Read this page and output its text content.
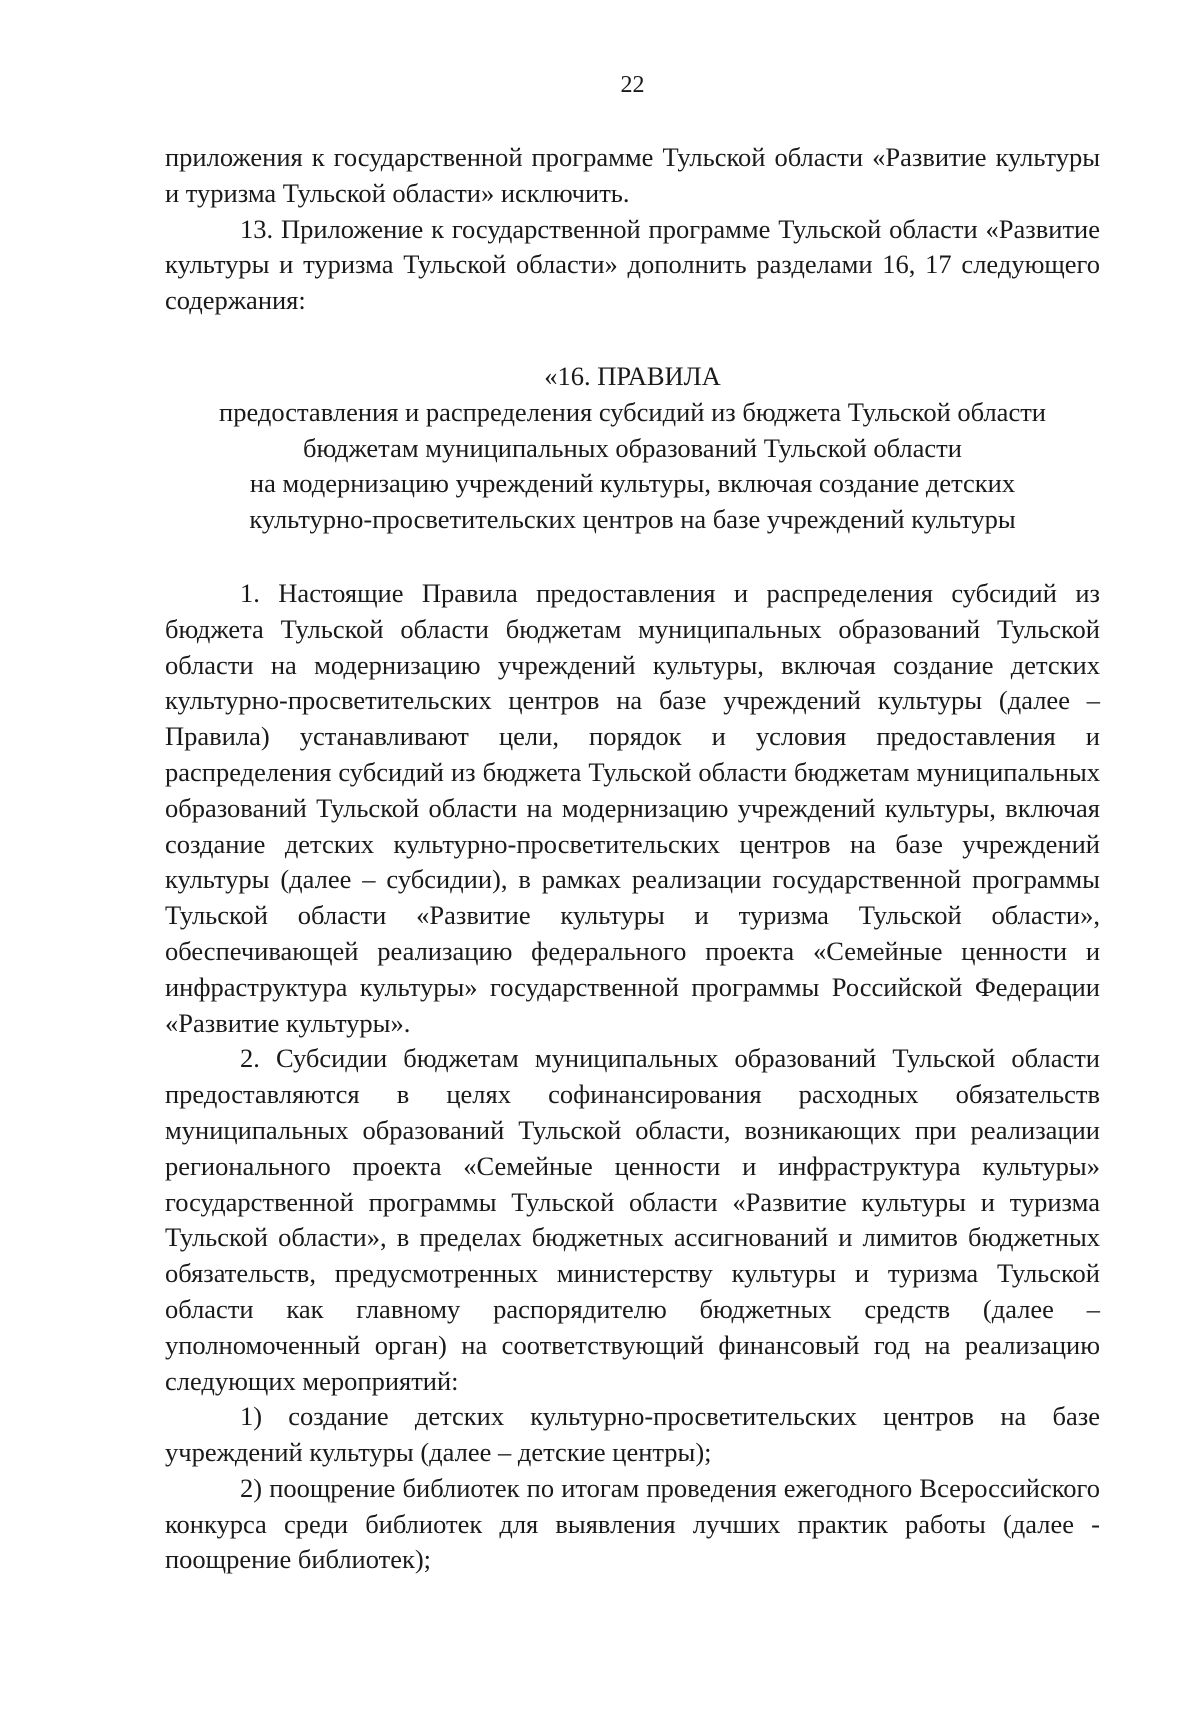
22

приложения к государственной программе Тульской области «Развитие культуры и туризма Тульской области» исключить.

13. Приложение к государственной программе Тульской области «Развитие культуры и туризма Тульской области» дополнить разделами 16, 17 следующего содержания:

«16. ПРАВИЛА
предоставления и распределения субсидий из бюджета Тульской области
бюджетам муниципальных образований Тульской области
на модернизацию учреждений культуры, включая создание детских
культурно-просветительских центров на базе учреждений культуры

1. Настоящие Правила предоставления и распределения субсидий из бюджета Тульской области бюджетам муниципальных образований Тульской области на модернизацию учреждений культуры, включая создание детских культурно-просветительских центров на базе учреждений культуры (далее – Правила) устанавливают цели, порядок и условия предоставления и распределения субсидий из бюджета Тульской области бюджетам муниципальных образований Тульской области на модернизацию учреждений культуры, включая создание детских культурно-просветительских центров на базе учреждений культуры (далее – субсидии), в рамках реализации государственной программы Тульской области «Развитие культуры и туризма Тульской области», обеспечивающей реализацию федерального проекта «Семейные ценности и инфраструктура культуры» государственной программы Российской Федерации «Развитие культуры».

2. Субсидии бюджетам муниципальных образований Тульской области предоставляются в целях софинансирования расходных обязательств муниципальных образований Тульской области, возникающих при реализации регионального проекта «Семейные ценности и инфраструктура культуры» государственной программы Тульской области «Развитие культуры и туризма Тульской области», в пределах бюджетных ассигнований и лимитов бюджетных обязательств, предусмотренных министерству культуры и туризма Тульской области как главному распорядителю бюджетных средств (далее – уполномоченный орган) на соответствующий финансовый год на реализацию следующих мероприятий:

1) создание детских культурно-просветительских центров на базе учреждений культуры (далее – детские центры);

2) поощрение библиотек по итогам проведения ежегодного Всероссийского конкурса среди библиотек для выявления лучших практик работы (далее - поощрение библиотек);
